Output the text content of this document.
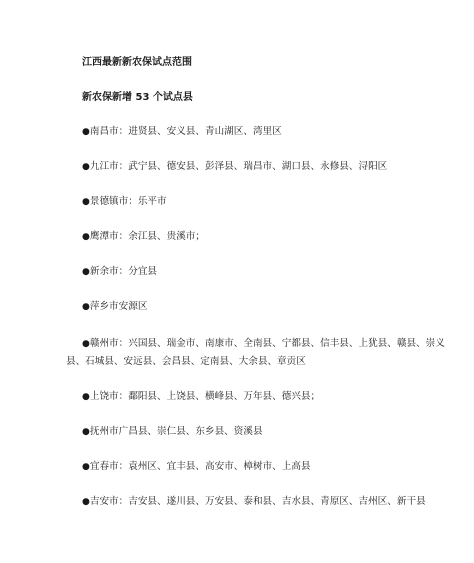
江西最新新农保试点范围
新农保新增 53 个试点县
●南昌市：进贤县、安义县、青山湖区、湾里区
●九江市：武宁县、德安县、彭泽县、瑞昌市、湖口县、永修县、浔阳区
●景德镇市：乐平市
●鹰潭市：余江县、贵溪市；
●新余市：分宜县
●萍乡市安源区
●赣州市：兴国县、瑞金市、南康市、全南县、宁都县、信丰县、上犹县、赣县、崇义
县、石城县、安远县、会昌县、定南县、大余县、章贡区
●上饶市：鄱阳县、上饶县、横峰县、万年县、德兴县；
●抚州市广昌县、崇仁县、东乡县、资溪县
●宜春市：袁州区、宜丰县、高安市、樟树市、上高县
●吉安市：吉安县、遂川县、万安县、泰和县、吉水县、青原区、吉州区、新干县
